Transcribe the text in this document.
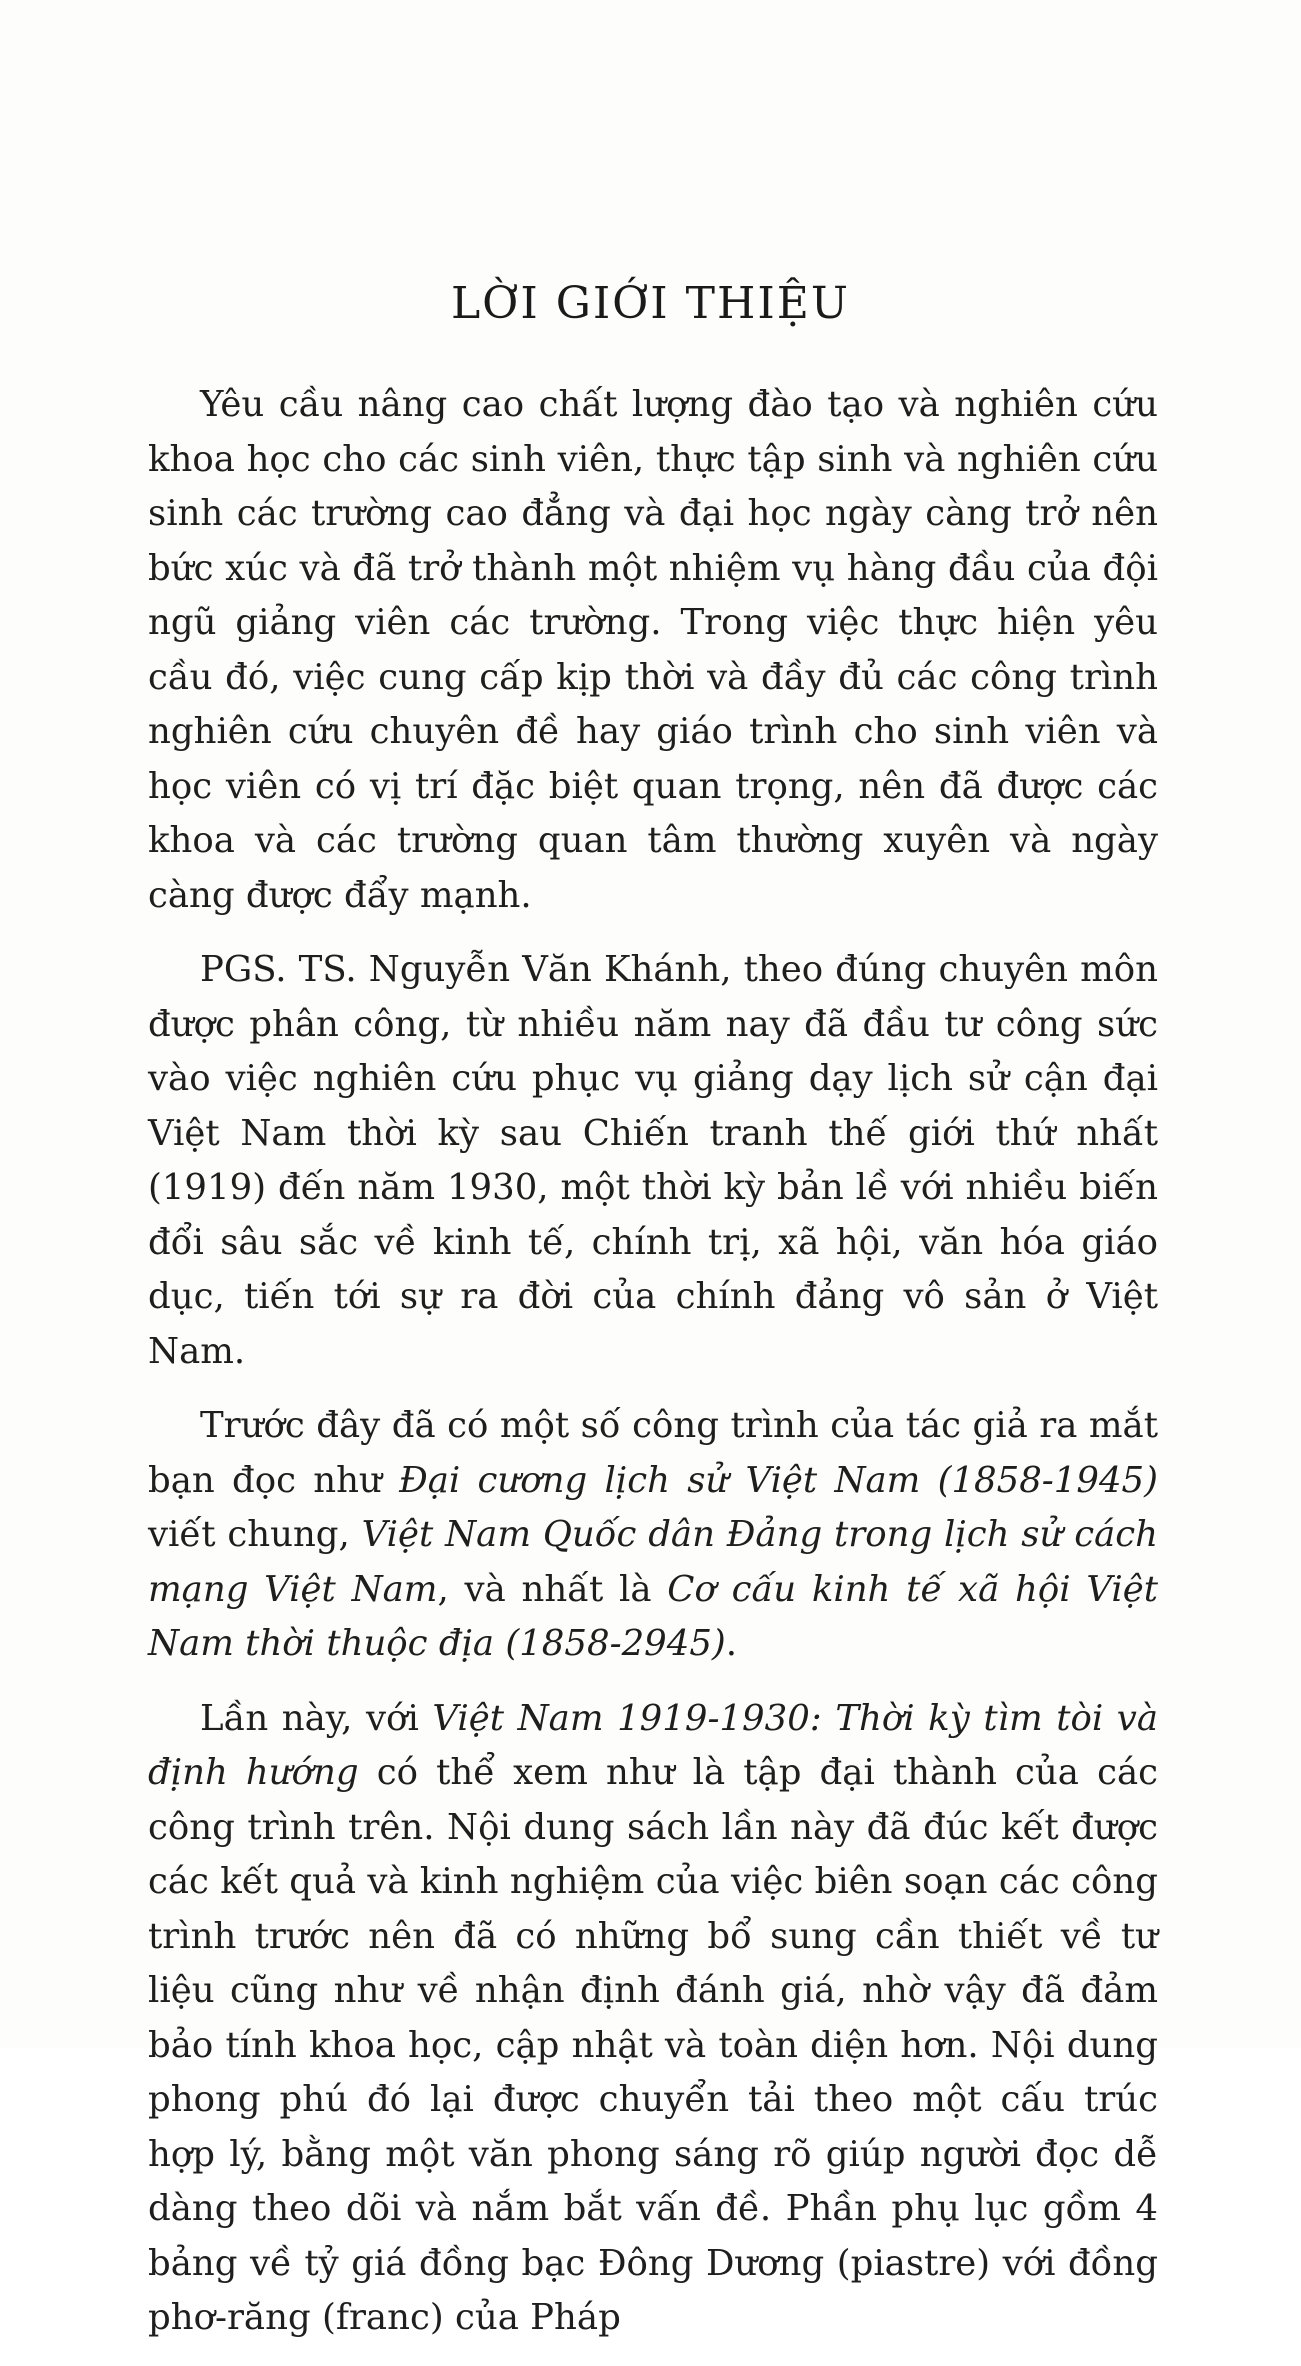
LỜI GIỚI THIỆU

Yêu cầu nâng cao chất lượng đào tạo và nghiên cứu khoa học cho các sinh viên, thực tập sinh và nghiên cứu sinh các trường cao đẳng và đại học ngày càng trở nên bức xúc và đã trở thành một nhiệm vụ hàng đầu của đội ngũ giảng viên các trường. Trong việc thực hiện yêu cầu đó, việc cung cấp kịp thời và đầy đủ các công trình nghiên cứu chuyên đề hay giáo trình cho sinh viên và học viên có vị trí đặc biệt quan trọng, nên đã được các khoa và các trường quan tâm thường xuyên và ngày càng được đẩy mạnh.

PGS. TS. Nguyễn Văn Khánh, theo đúng chuyên môn được phân công, từ nhiều năm nay đã đầu tư công sức vào việc nghiên cứu phục vụ giảng dạy lịch sử cận đại Việt Nam thời kỳ sau Chiến tranh thế giới thứ nhất (1919) đến năm 1930, một thời kỳ bản lề với nhiều biến đổi sâu sắc về kinh tế, chính trị, xã hội, văn hóa giáo dục, tiến tới sự ra đời của chính đảng vô sản ở Việt Nam.

Trước đây đã có một số công trình của tác giả ra mắt bạn đọc như Đại cương lịch sử Việt Nam (1858-1945) viết chung, Việt Nam Quốc dân Đảng trong lịch sử cách mạng Việt Nam, và nhất là Cơ cấu kinh tế xã hội Việt Nam thời thuộc địa (1858-2945).

Lần này, với Việt Nam 1919-1930: Thời kỳ tìm tòi và định hướng có thể xem như là tập đại thành của các công trình trên. Nội dung sách lần này đã đúc kết được các kết quả và kinh nghiệm của việc biên soạn các công trình trước nên đã có những bổ sung cần thiết về tư liệu cũng như về nhận định đánh giá, nhờ vậy đã đảm bảo tính khoa học, cập nhật và toàn diện hơn. Nội dung phong phú đó lại được chuyển tải theo một cấu trúc hợp lý, bằng một văn phong sáng rõ giúp người đọc dễ dàng theo dõi và nắm bắt vấn đề. Phần phụ lục gồm 4 bảng về tỷ giá đồng bạc Đông Dương (piastre) với đồng phơ-răng (franc) của Pháp
